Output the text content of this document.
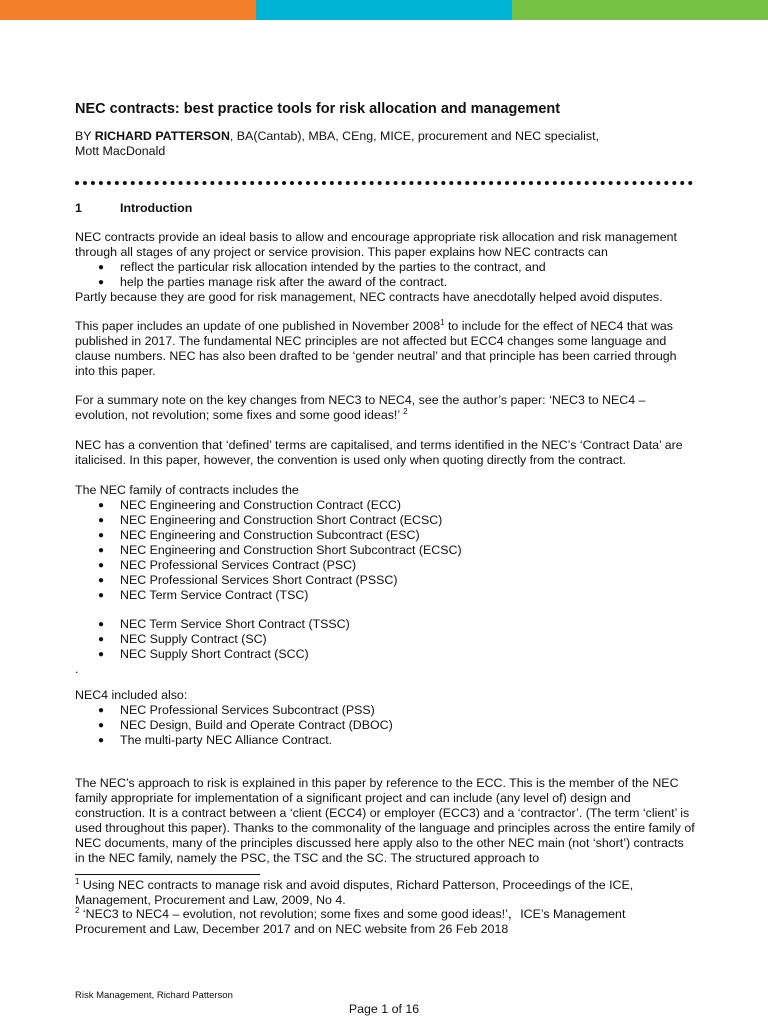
NEC contracts: best practice tools for risk allocation and management
BY RICHARD PATTERSON, BA(Cantab), MBA, CEng, MICE, procurement and NEC specialist,
Mott MacDonald
1	Introduction

NEC contracts provide an ideal basis to allow and encourage appropriate risk allocation and risk management through all stages of any project or service provision. This paper explains how NEC contracts can

● reflect the particular risk allocation intended by the parties to the contract, and
● help the parties manage risk after the award of the contract.

Partly because they are good for risk management, NEC contracts have anecdotally helped avoid disputes.

This paper includes an update of one published in November 2008$^1$ to include for the effect of NEC4 that was published in 2017. The fundamental NEC principles are not affected but ECC4 changes some language and clause numbers. NEC has also been drafted to be ‘gender neutral’ and that principle has been carried through into this paper.

For a summary note on the key changes from NEC3 to NEC4, see the author’s paper: ‘NEC3 to NEC4 – evolution, not revolution; some fixes and some good ideas!’ $^2$

NEC has a convention that ‘defined’ terms are capitalised, and terms identified in the NEC’s ‘Contract Data’ are italicised. In this paper, however, the convention is used only when quoting directly from the contract.

The NEC family of contracts includes the

● NEC Engineering and Construction Contract (ECC)
● NEC Engineering and Construction Short Contract (ECSC)
● NEC Engineering and Construction Subcontract (ESC)
● NEC Engineering and Construction Short Subcontract (ECSC)
● NEC Professional Services Contract (PSC)
● NEC Professional Services Short Contract (PSSC)
● NEC Term Service Contract (TSC)
● NEC Term Service Short Contract (TSSC)
● NEC Supply Contract (SC)
● NEC Supply Short Contract (SCC)

.

NEC4 included also:

● NEC Professional Services Subcontract (PSS)
● NEC Design, Build and Operate Contract (DBOC)
● The multi-party NEC Alliance Contract.

The NEC’s approach to risk is explained in this paper by reference to the ECC. This is the member of the NEC family appropriate for implementation of a significant project and can include (any level of) design and construction. It is a contract between a ‘client (ECC4) or employer (ECC3) and a ‘contractor’. (The term ‘client’ is used throughout this paper). Thanks to the commonality of the language and principles across the entire family of NEC documents, many of the principles discussed here apply also to the other NEC main (not ‘short’) contracts in the NEC family, namely the PSC, the TSC and the SC. The structured approach to

$^1$ Using NEC contracts to manage risk and avoid disputes, Richard Patterson, Proceedings of the ICE, Management, Procurement and Law, 2009, No 4.

$^2$ ‘NEC3 to NEC4 – evolution, not revolution; some fixes and some good ideas!’，ICE’s Management Procurement and Law, December 2017 and on NEC website from 26 Feb 2018

Risk Management, Richard Patterson
Page 1 of 16
